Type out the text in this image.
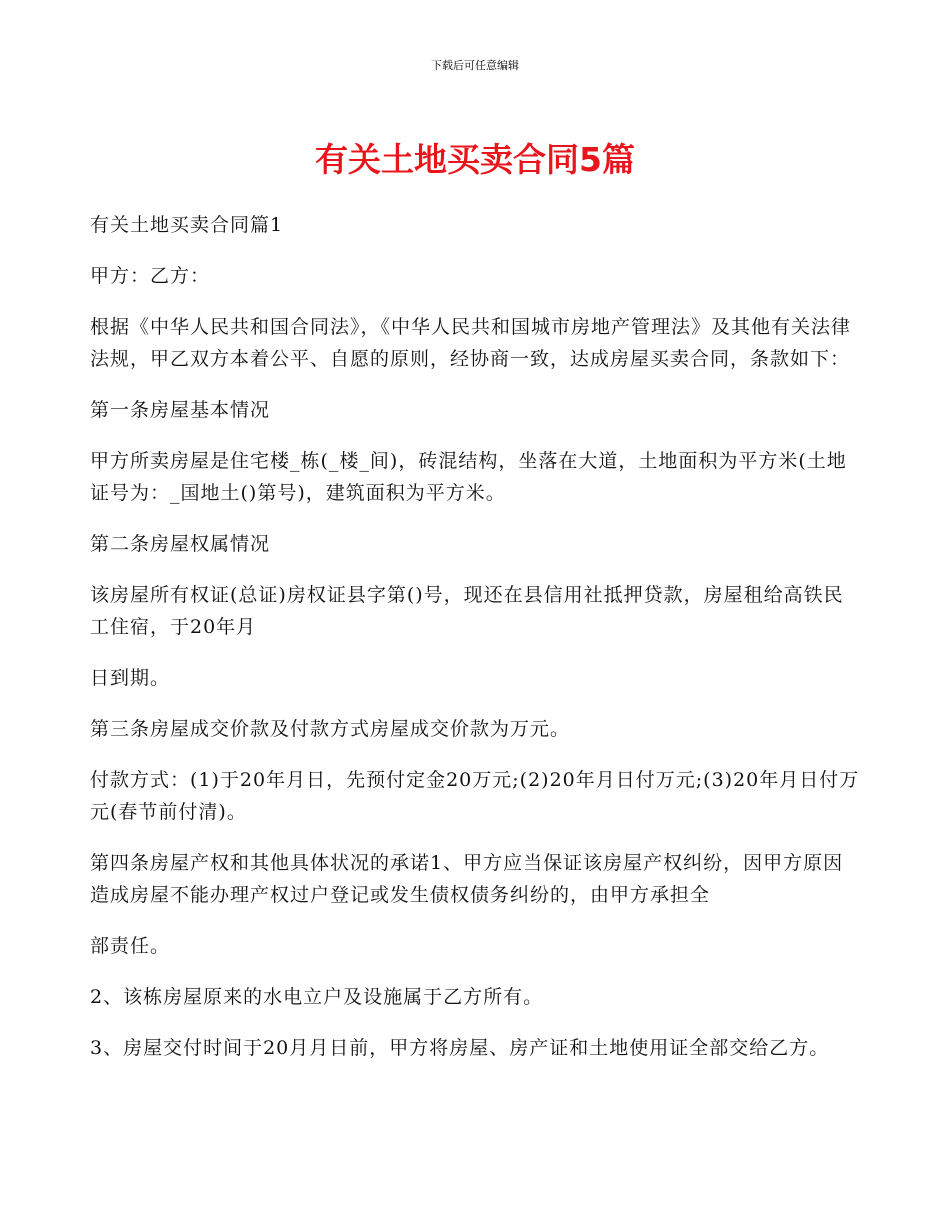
下载后可任意编辑
有关土地买卖合同5篇

有关土地买卖合同篇1

甲方：乙方：

根据《中华人民共和国合同法》，《中华人民共和国城市房地产管理法》及其他有关法律法规，甲乙双方本着公平、自愿的原则，经协商一致，达成房屋买卖合同，条款如下：

第一条房屋基本情况

甲方所卖房屋是住宅楼_栋(_楼_间)，砖混结构，坐落在大道，土地面积为平方米(土地证号为：_国地土()第号)，建筑面积为平方米。

第二条房屋权属情况

该房屋所有权证(总证)房权证县字第()号，现还在县信用社抵押贷款，房屋租给高铁民工住宿，于20年月

日到期。

第三条房屋成交价款及付款方式房屋成交价款为万元。

付款方式：(1)于20年月日，先预付定金20万元;(2)20年月日付万元;(3)20年月日付万元(春节前付清)。

第四条房屋产权和其他具体状况的承诺1、甲方应当保证该房屋产权纠纷，因甲方原因造成房屋不能办理产权过户登记或发生债权债务纠纷的，由甲方承担全

部责任。

2、该栋房屋原来的水电立户及设施属于乙方所有。

3、房屋交付时间于20月月日前，甲方将房屋、房产证和土地使用证全部交给乙方。
